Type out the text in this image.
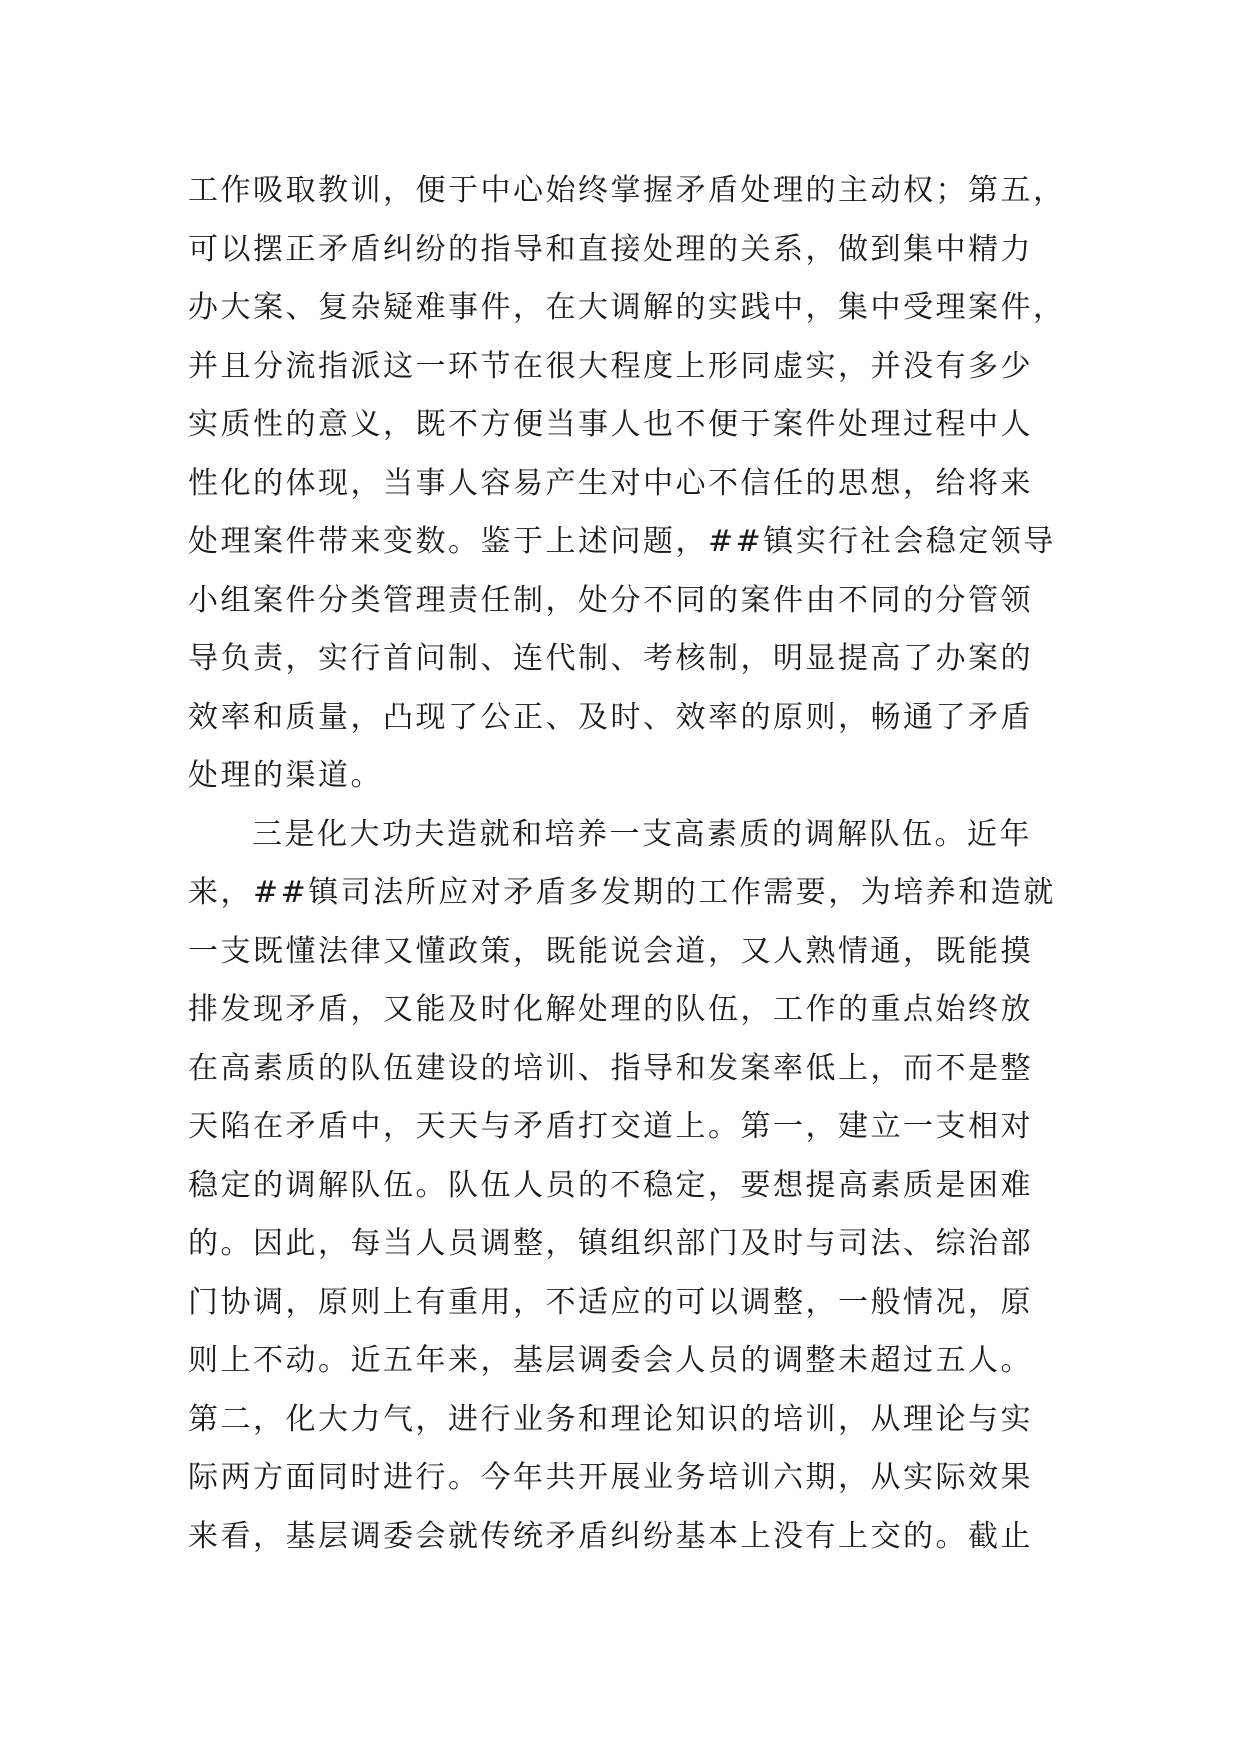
工作吸取教训，便于中心始终掌握矛盾处理的主动权；第五，
可以摆正矛盾纠纷的指导和直接处理的关系，做到集中精力
办大案、复杂疑难事件，在大调解的实践中，集中受理案件，
并且分流指派这一环节在很大程度上形同虚实，并没有多少
实质性的意义，既不方便当事人也不便于案件处理过程中人
性化的体现，当事人容易产生对中心不信任的思想，给将来
处理案件带来变数。鉴于上述问题，##镇实行社会稳定领导
小组案件分类管理责任制，处分不同的案件由不同的分管领
导负责，实行首问制、连代制、考核制，明显提高了办案的
效率和质量，凸现了公正、及时、效率的原则，畅通了矛盾
处理的渠道。
三是化大功夫造就和培养一支高素质的调解队伍。近年
来，##镇司法所应对矛盾多发期的工作需要，为培养和造就
一支既懂法律又懂政策，既能说会道，又人熟情通，既能摸
排发现矛盾，又能及时化解处理的队伍，工作的重点始终放
在高素质的队伍建设的培训、指导和发案率低上，而不是整
天陷在矛盾中，天天与矛盾打交道上。第一，建立一支相对
稳定的调解队伍。队伍人员的不稳定，要想提高素质是困难
的。因此，每当人员调整，镇组织部门及时与司法、综治部
门协调，原则上有重用，不适应的可以调整，一般情况，原
则上不动。近五年来，基层调委会人员的调整未超过五人。
第二，化大力气，进行业务和理论知识的培训，从理论与实
际两方面同时进行。今年共开展业务培训六期，从实际效果
来看，基层调委会就传统矛盾纠纷基本上没有上交的。截止
